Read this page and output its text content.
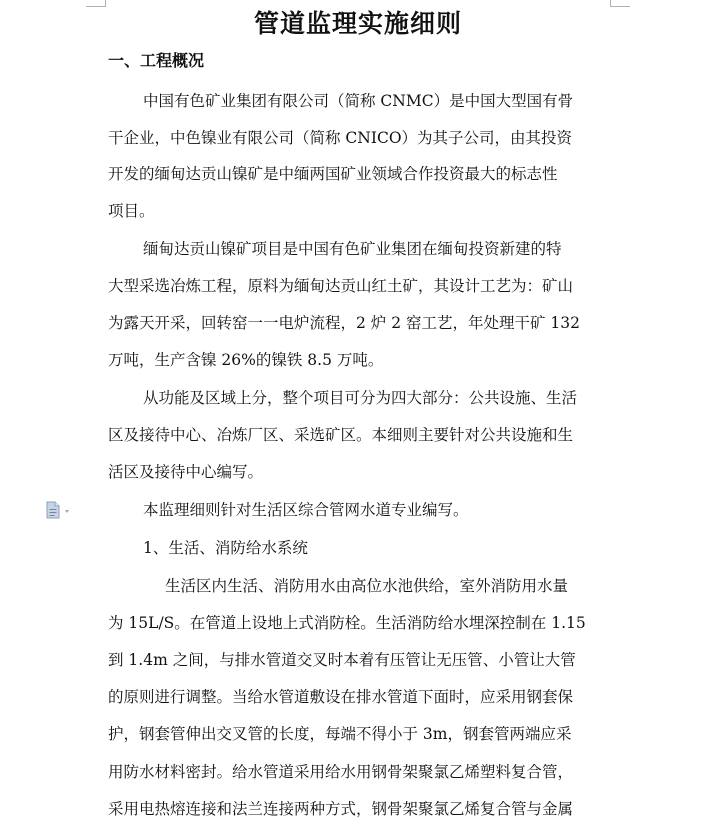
管道监理实施细则
一、工程概况
中国有色矿业集团有限公司（简称 CNMC）是中国大型国有骨
干企业，中色镍业有限公司（简称 CNICO）为其子公司，由其投资
开发的缅甸达贡山镍矿是中缅两国矿业领域合作投资最大的标志性
项目。
缅甸达贡山镍矿项目是中国有色矿业集团在缅甸投资新建的特
大型采选冶炼工程，原料为缅甸达贡山红土矿，其设计工艺为：矿山
为露天开采，回转窑一一电炉流程，2 炉 2 窑工艺，年处理干矿 132
万吨，生产含镍 26%的镍铁 8.5 万吨。
从功能及区域上分，整个项目可分为四大部分：公共设施、生活
区及接待中心、冶炼厂区、采选矿区。本细则主要针对公共设施和生
活区及接待中心编写。
本监理细则针对生活区综合管网水道专业编写。
1、生活、消防给水系统
生活区内生活、消防用水由高位水池供给，室外消防用水量
为 15L/S。在管道上设地上式消防栓。生活消防给水埋深控制在 1.15
到 1.4m 之间，与排水管道交叉时本着有压管让无压管、小管让大管
的原则进行调整。当给水管道敷设在排水管道下面时，应采用钢套保
护，钢套管伸出交叉管的长度，每端不得小于 3m，钢套管两端应采
用防水材料密封。给水管道采用给水用钢骨架聚氯乙烯塑料复合管，
采用电热熔连接和法兰连接两种方式，钢骨架聚氯乙烯复合管与金属
